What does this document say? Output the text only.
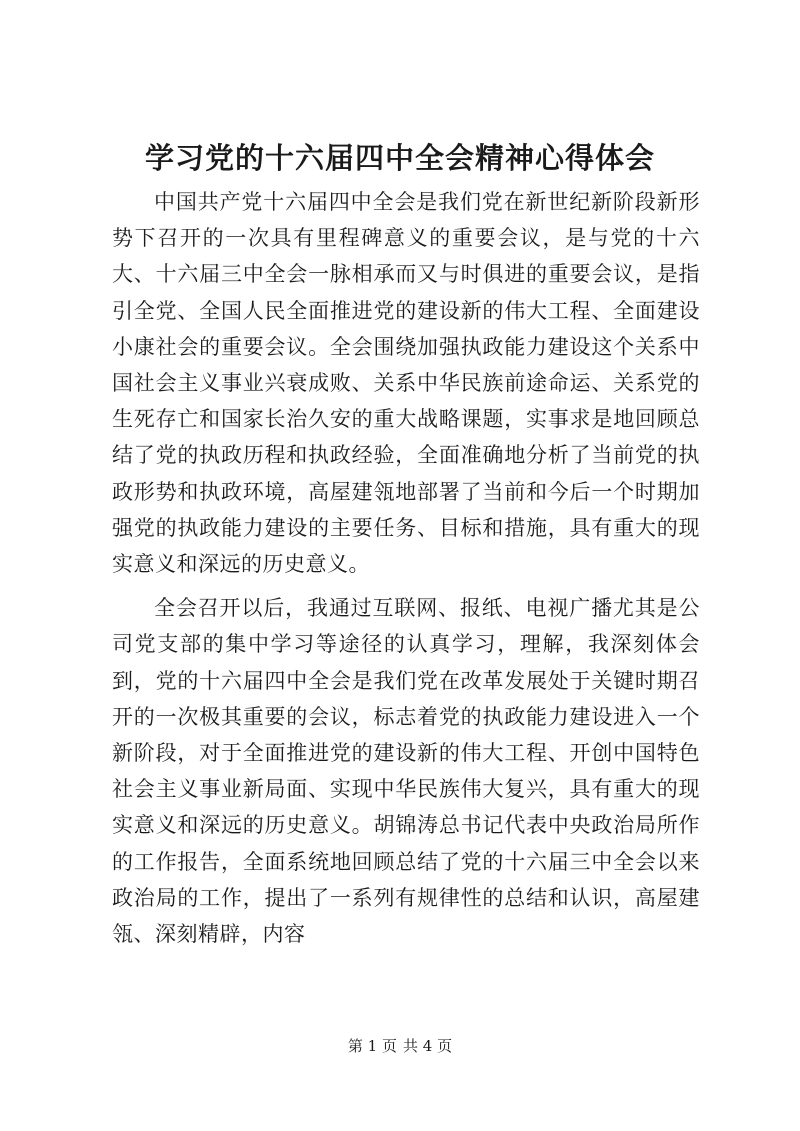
学习党的十六届四中全会精神心得体会

中国共产党十六届四中全会是我们党在新世纪新阶段新形势下召开的一次具有里程碑意义的重要会议，是与党的十六大、十六届三中全会一脉相承而又与时俱进的重要会议，是指引全党、全国人民全面推进党的建设新的伟大工程、全面建设小康社会的重要会议。全会围绕加强执政能力建设这个关系中国社会主义事业兴衰成败、关系中华民族前途命运、关系党的生死存亡和国家长治久安的重大战略课题，实事求是地回顾总结了党的执政历程和执政经验，全面准确地分析了当前党的执政形势和执政环境，高屋建瓴地部署了当前和今后一个时期加强党的执政能力建设的主要任务、目标和措施，具有重大的现实意义和深远的历史意义。

全会召开以后，我通过互联网、报纸、电视广播尤其是公司党支部的集中学习等途径的认真学习，理解，我深刻体会到，党的十六届四中全会是我们党在改革发展处于关键时期召开的一次极其重要的会议，标志着党的执政能力建设进入一个新阶段，对于全面推进党的建设新的伟大工程、开创中国特色社会主义事业新局面、实现中华民族伟大复兴，具有重大的现实意义和深远的历史意义。胡锦涛总书记代表中央政治局所作的工作报告，全面系统地回顾总结了党的十六届三中全会以来政治局的工作，提出了一系列有规律性的总结和认识，高屋建瓴、深刻精辟，内容

第 1 页 共 4 页
